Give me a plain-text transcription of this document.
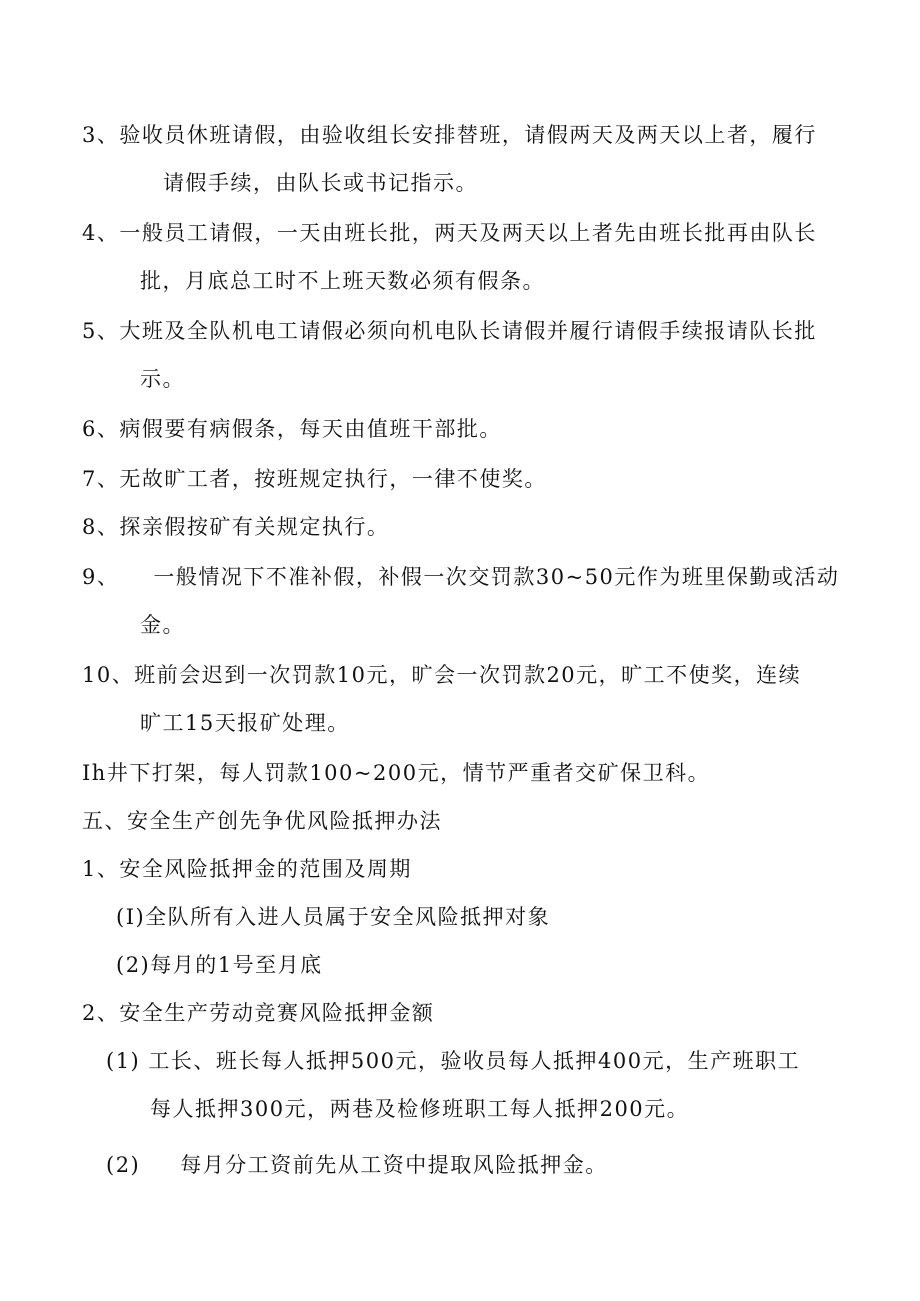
3、验收员休班请假，由验收组长安排替班，请假两天及两天以上者，履行
请假手续，由队长或书记指示。
4、一般员工请假，一天由班长批，两天及两天以上者先由班长批再由队长
批，月底总工时不上班天数必须有假条。
5、大班及全队机电工请假必须向机电队长请假并履行请假手续报请队长批
示。
6、病假要有病假条，每天由值班干部批。
7、无故旷工者，按班规定执行，一律不使奖。
8、探亲假按矿有关规定执行。
9、 一般情况下不准补假，补假一次交罚款30~50元作为班里保勤或活动
金。
10、班前会迟到一次罚款10元，旷会一次罚款20元，旷工不使奖，连续
旷工15天报矿处理。
Ih井下打架，每人罚款100~200元，情节严重者交矿保卫科。
五、安全生产创先争优风险抵押办法
1、安全风险抵押金的范围及周期
(I)全队所有入进人员属于安全风险抵押对象
(2)每月的1号至月底
2、安全生产劳动竞赛风险抵押金额
(1) 工长、班长每人抵押500元，验收员每人抵押400元，生产班职工
每人抵押300元，两巷及检修班职工每人抵押200元。
(2) 每月分工资前先从工资中提取风险抵押金。
